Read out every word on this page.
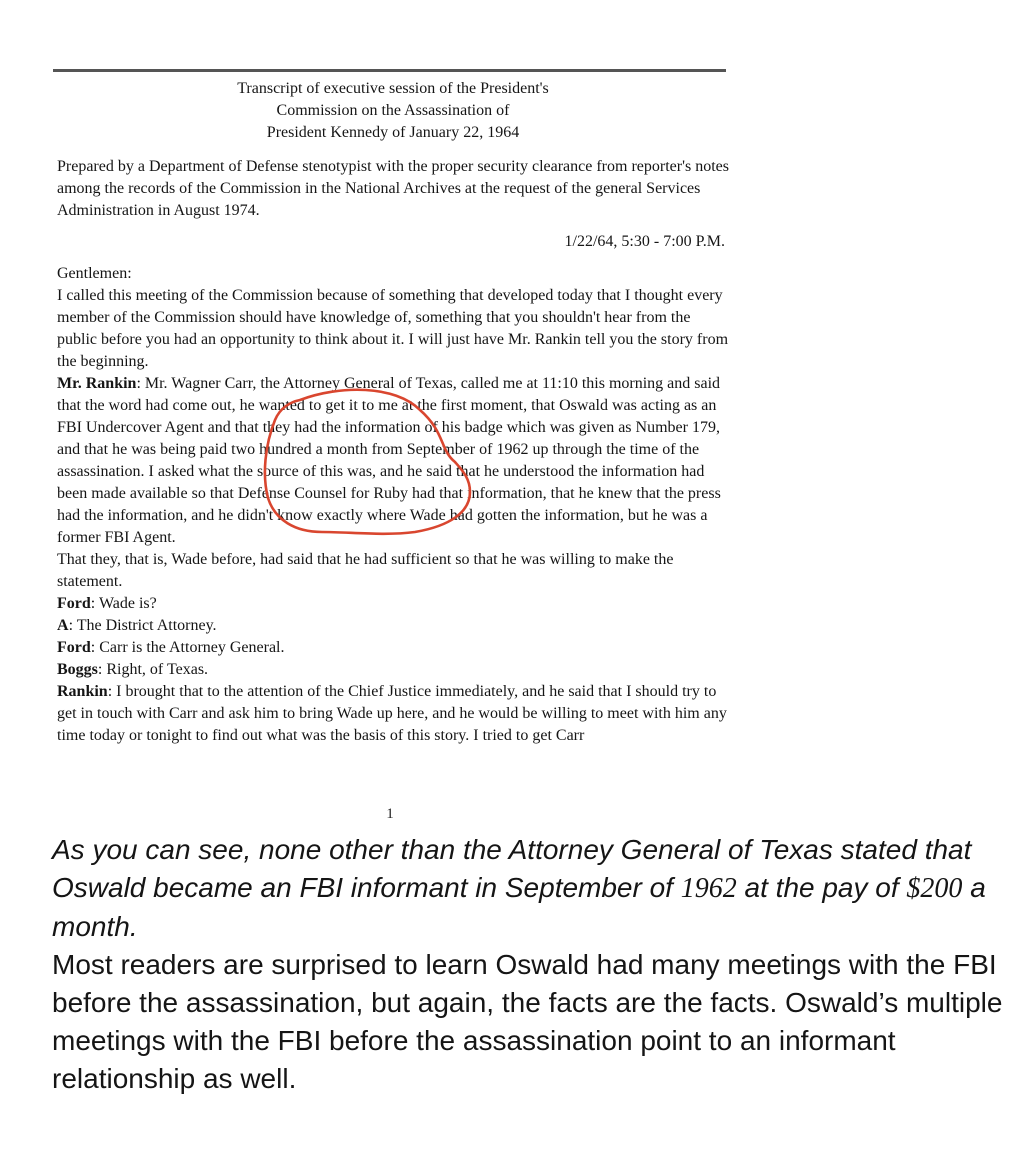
Transcript of executive session of the President's
Commission on the Assassination of
President Kennedy of January 22, 1964
Prepared by a Department of Defense stenotypist with the proper security clearance from reporter's notes among the records of the Commission in the National Archives at the request of the general Services Administration in August 1974.
1/22/64, 5:30 - 7:00 P.M.

Gentlemen:

I called this meeting of the Commission because of something that developed today that I thought every member of the Commission should have knowledge of, something that you shouldn't hear from the public before you had an opportunity to think about it. I will just have Mr. Rankin tell you the story from the beginning.

Mr. Rankin: Mr. Wagner Carr, the Attorney General of Texas, called me at 11:10 this morning and said that the word had come out, he wanted to get it to me at the first moment, that Oswald was acting as an FBI Undercover Agent and that they had the information of his badge which was given as Number 179, and that he was being paid two hundred a month from September of 1962 up through the time of the assassination. I asked what the source of this was, and he said that he understood the information had been made available so that Defense Counsel for Ruby had that information, that he knew that the press had the information, and he didn't know exactly where Wade had gotten the information, but he was a former FBI Agent.

That they, that is, Wade before, had said that he had sufficient so that he was willing to make the statement.

Ford: Wade is?

A: The District Attorney.

Ford: Carr is the Attorney General.

Boggs: Right, of Texas.

Rankin: I brought that to the attention of the Chief Justice immediately, and he said that I should try to get in touch with Carr and ask him to bring Wade up here, and he would be willing to meet with him any time today or tonight to find out what was the basis of this story. I tried to get Carr

1

As you can see, none other than the Attorney General of Texas stated that Oswald became an FBI informant in September of 1962 at the pay of $200 a month.

Most readers are surprised to learn Oswald had many meetings with the FBI before the assassination, but again, the facts are the facts. Oswald’s multiple meetings with the FBI before the assassination point to an informant relationship as well.
